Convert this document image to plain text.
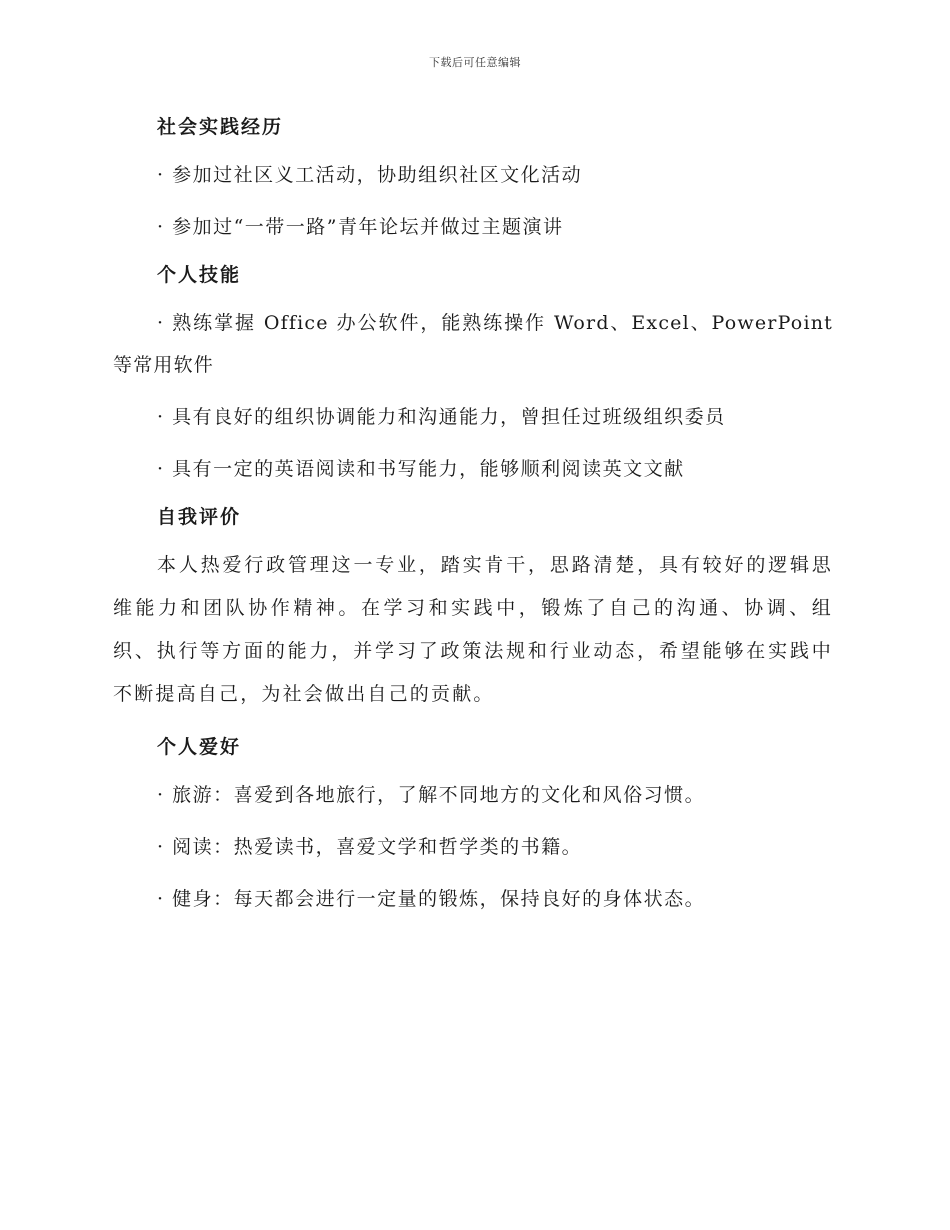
下载后可任意编辑
社会实践经历

· 参加过社区义工活动，协助组织社区文化活动

· 参加过“一带一路”青年论坛并做过主题演讲

个人技能

· 熟练掌握 Office 办公软件，能熟练操作 Word、Excel、PowerPoint 等常用软件

· 具有良好的组织协调能力和沟通能力，曾担任过班级组织委员

· 具有一定的英语阅读和书写能力，能够顺利阅读英文文献

自我评价

本人热爱行政管理这一专业，踏实肯干，思路清楚，具有较好的逻辑思维能力和团队协作精神。在学习和实践中，锻炼了自己的沟通、协调、组织、执行等方面的能力，并学习了政策法规和行业动态，希望能够在实践中不断提高自己，为社会做出自己的贡献。

个人爱好

· 旅游：喜爱到各地旅行，了解不同地方的文化和风俗习惯。

· 阅读：热爱读书，喜爱文学和哲学类的书籍。

· 健身：每天都会进行一定量的锻炼，保持良好的身体状态。
